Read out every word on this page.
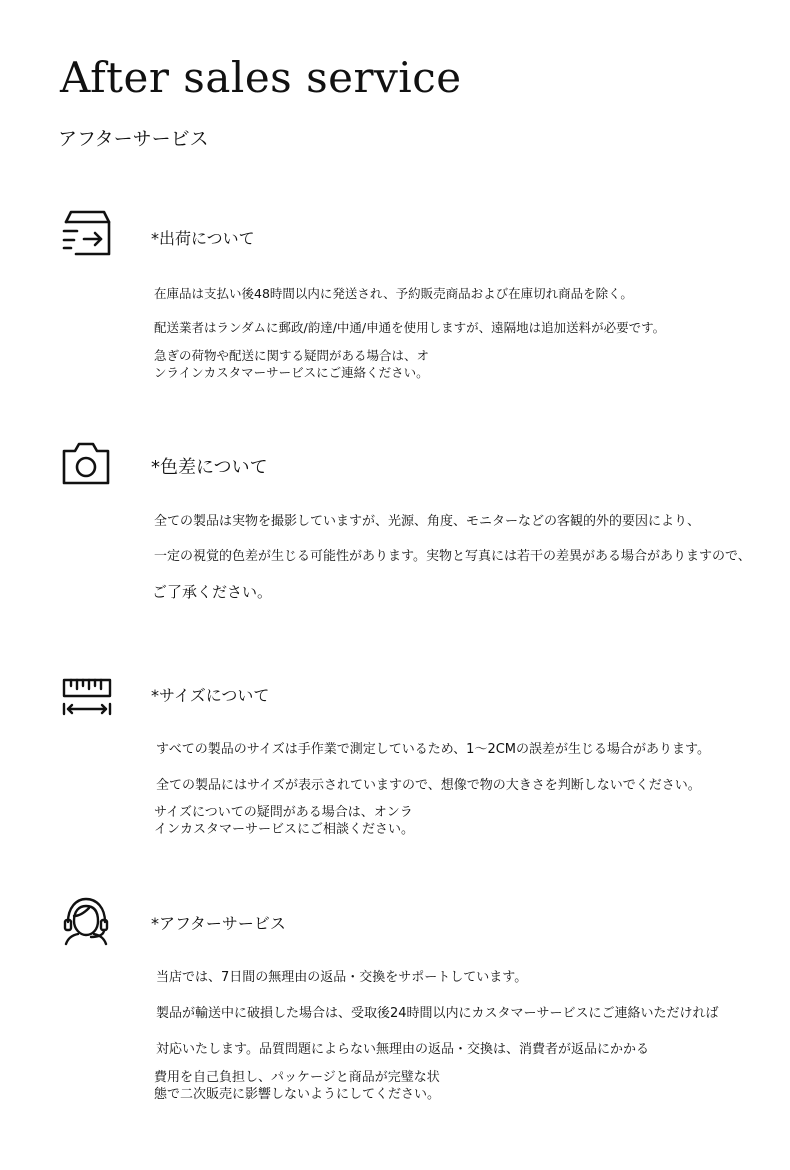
After sales service
アフターサービス
*出荷について
在庫品は支払い後48時間以内に発送され、予約販売商品および在庫切れ商品を除く。
配送業者はランダムに郵政/韵達/中通/申通を使用しますが、遠隔地は追加送料が必要です。
急ぎの荷物や配送に関する疑問がある場合は、オ
ンラインカスタマーサービスにご連絡ください。
*色差について
全ての製品は実物を撮影していますが、光源、角度、モニターなどの客観的外的要因により、
一定の視覚的色差が生じる可能性があります。実物と写真には若干の差異がある場合がありますので、
ご了承ください。
*サイズについて
すべての製品のサイズは手作業で測定しているため、1〜2CMの誤差が生じる場合があります。
全ての製品にはサイズが表示されていますので、想像で物の大きさを判断しないでください。
サイズについての疑問がある場合は、オンラ
インカスタマーサービスにご相談ください。
*アフターサービス
当店では、7日間の無理由の返品・交換をサポートしています。
製品が輸送中に破損した場合は、受取後24時間以内にカスタマーサービスにご連絡いただければ
対応いたします。品質問題によらない無理由の返品・交換は、消費者が返品にかかる
費用を自己負担し、パッケージと商品が完璧な状
態で二次販売に影響しないようにしてください。
